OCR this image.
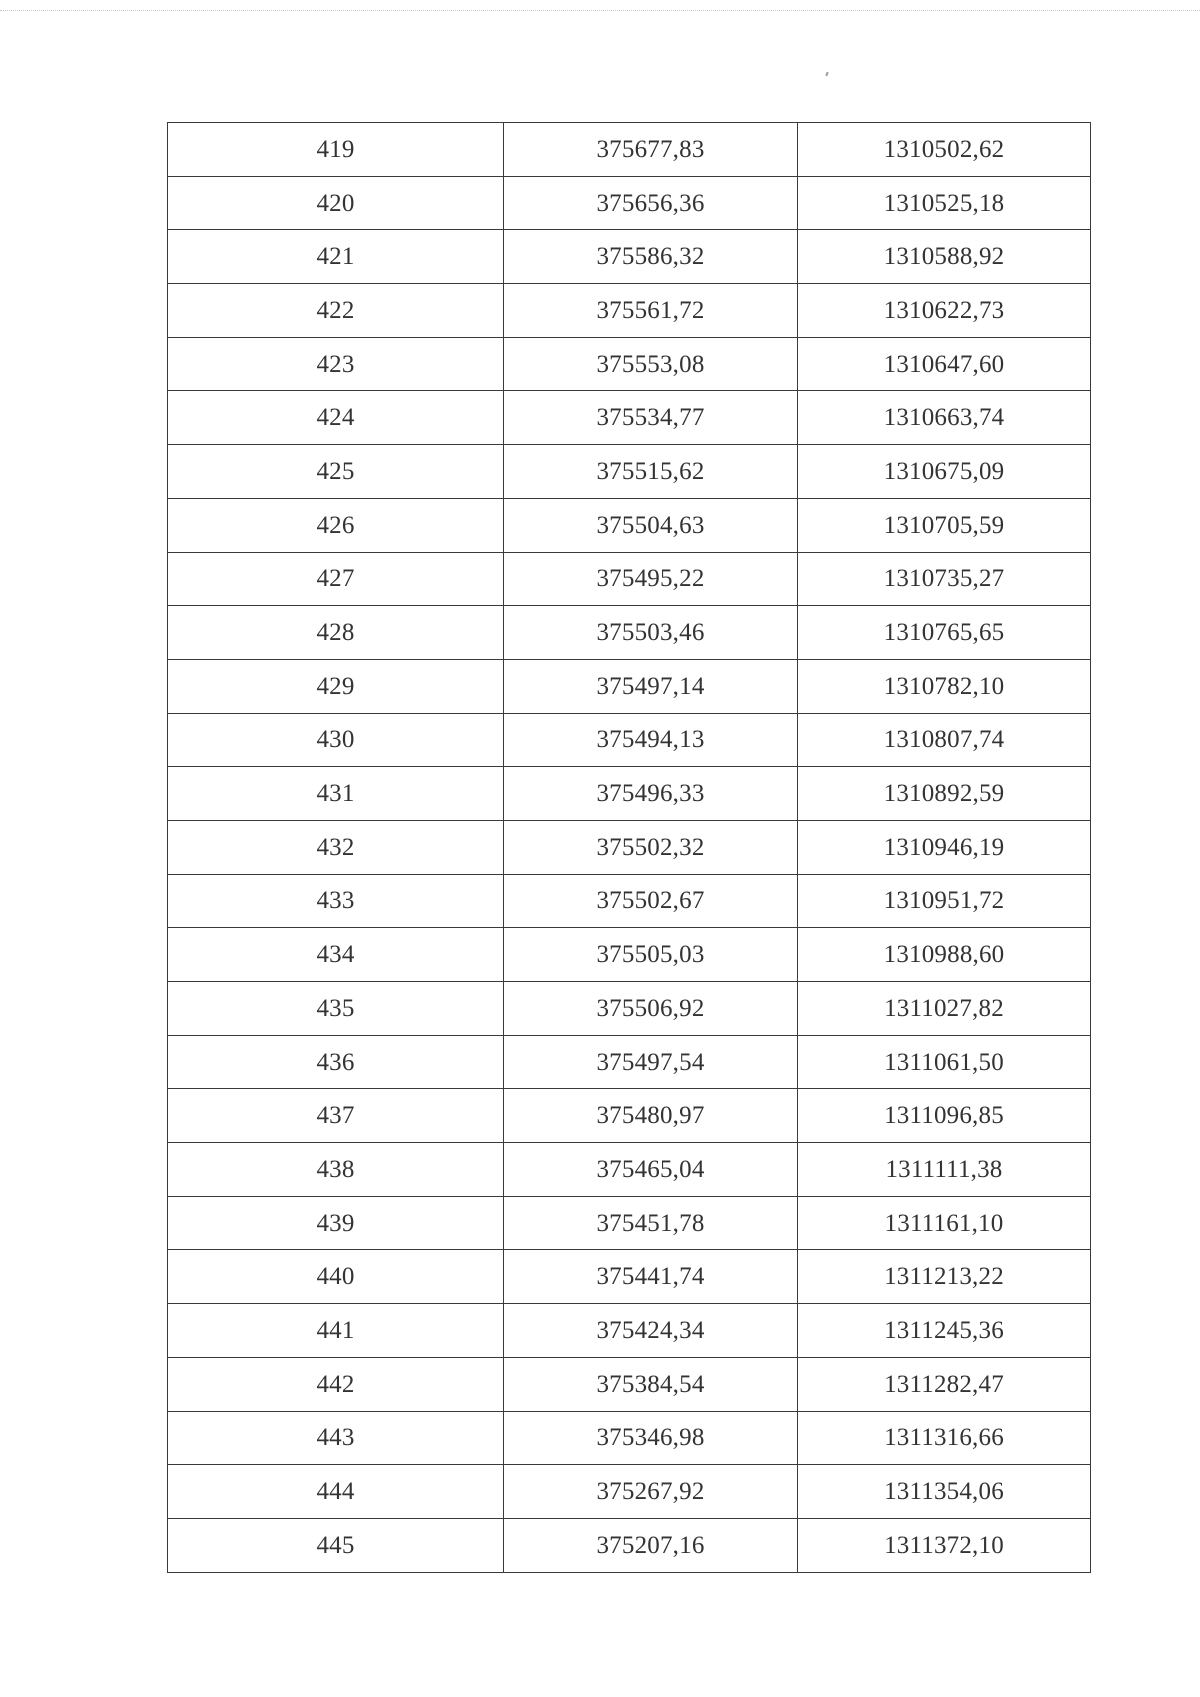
419	375677,83	1310502,62
420	375656,36	1310525,18
421	375586,32	1310588,92
422	375561,72	1310622,73
423	375553,08	1310647,60
424	375534,77	1310663,74
425	375515,62	1310675,09
426	375504,63	1310705,59
427	375495,22	1310735,27
428	375503,46	1310765,65
429	375497,14	1310782,10
430	375494,13	1310807,74
431	375496,33	1310892,59
432	375502,32	1310946,19
433	375502,67	1310951,72
434	375505,03	1310988,60
435	375506,92	1311027,82
436	375497,54	1311061,50
437	375480,97	1311096,85
438	375465,04	1311111,38
439	375451,78	1311161,10
440	375441,74	1311213,22
441	375424,34	1311245,36
442	375384,54	1311282,47
443	375346,98	1311316,66
444	375267,92	1311354,06
445	375207,16	1311372,10
